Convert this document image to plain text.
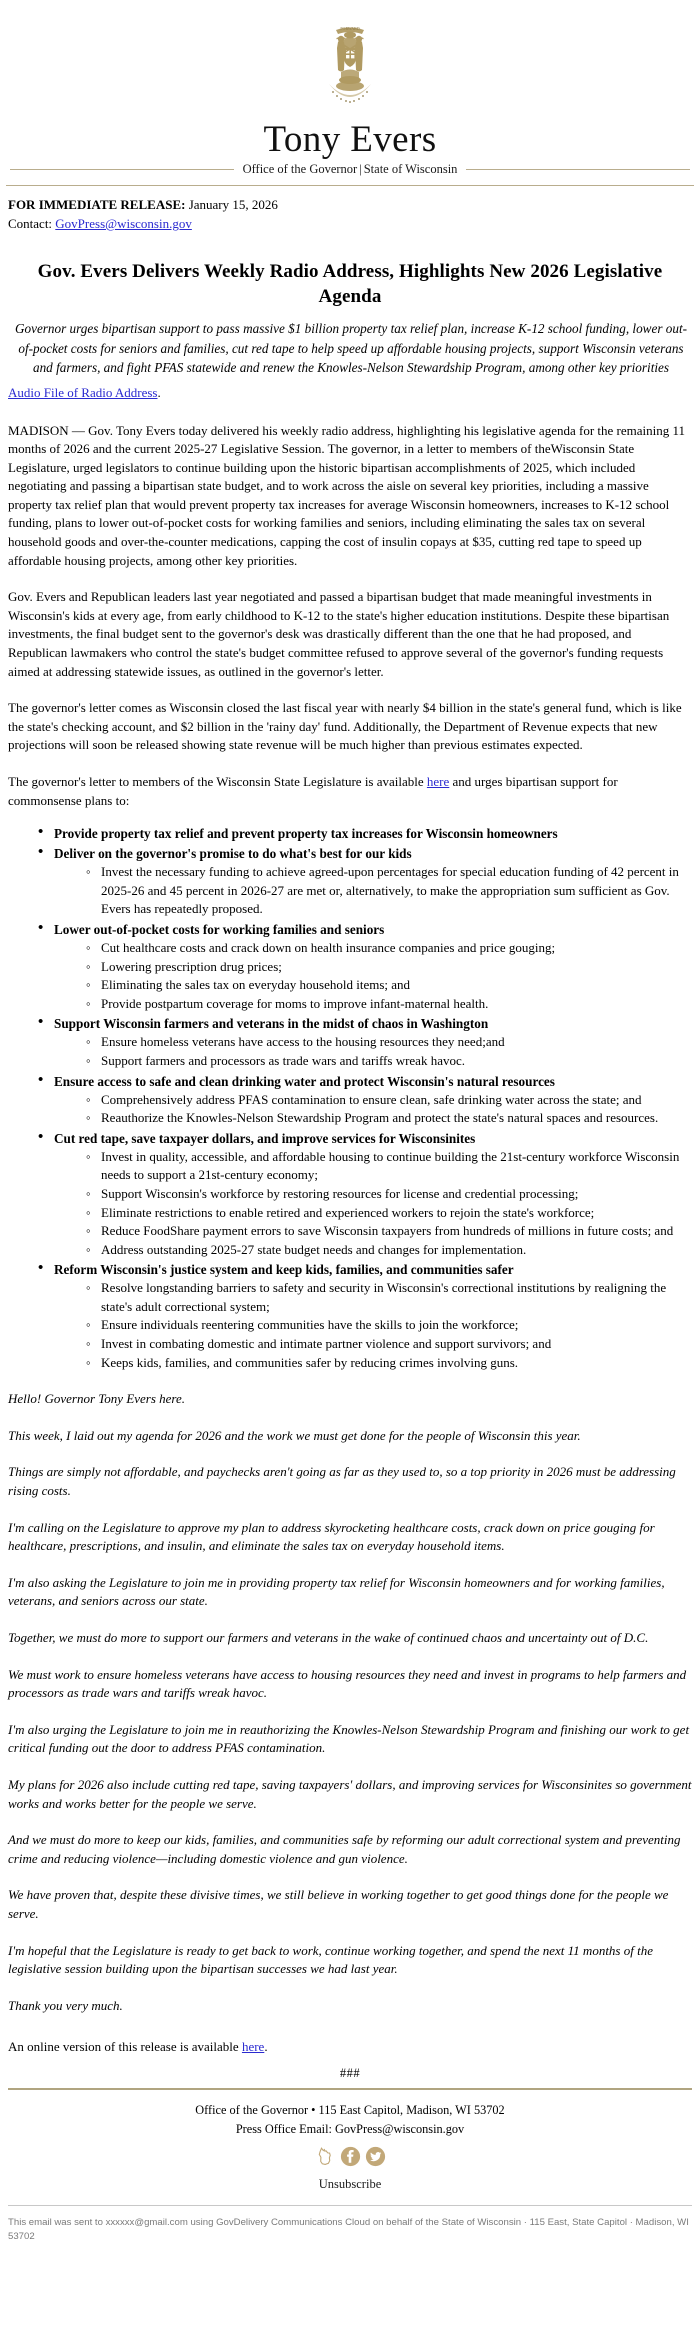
FORWARD
Tony Evers
Office of the Governor | State of Wisconsin
FOR IMMEDIATE RELEASE: January 15, 2026
Contact: GovPress@wisconsin.gov
Gov. Evers Delivers Weekly Radio Address, Highlights New 2026 Legislative Agenda
Governor urges bipartisan support to pass massive $1 billion property tax relief plan, increase K-12 school funding, lower out-of-pocket costs for seniors and families, cut red tape to help speed up affordable housing projects, support Wisconsin veterans and farmers, and fight PFAS statewide and renew the Knowles-Nelson Stewardship Program, among other key priorities
Audio File of Radio Address.

MADISON — Gov. Tony Evers today delivered his weekly radio address, highlighting his legislative agenda for the remaining 11 months of 2026 and the current 2025-27 Legislative Session. The governor, in a letter to members of theWisconsin State Legislature, urged legislators to continue building upon the historic bipartisan accomplishments of 2025, which included negotiating and passing a bipartisan state budget, and to work across the aisle on several key priorities, including a massive property tax relief plan that would prevent property tax increases for average Wisconsin homeowners, increases to K-12 school funding, plans to lower out-of-pocket costs for working families and seniors, including eliminating the sales tax on several household goods and over-the-counter medications, capping the cost of insulin copays at $35, cutting red tape to speed up affordable housing projects, among other key priorities.

Gov. Evers and Republican leaders last year negotiated and passed a bipartisan budget that made meaningful investments in Wisconsin's kids at every age, from early childhood to K-12 to the state's higher education institutions. Despite these bipartisan investments, the final budget sent to the governor's desk was drastically different than the one that he had proposed, and Republican lawmakers who control the state's budget committee refused to approve several of the governor's funding requests aimed at addressing statewide issues, as outlined in the governor's letter.

The governor's letter comes as Wisconsin closed the last fiscal year with nearly $4 billion in the state's general fund, which is like the state's checking account, and $2 billion in the 'rainy day' fund. Additionally, the Department of Revenue expects that new projections will soon be released showing state revenue will be much higher than previous estimates expected.

The governor's letter to members of the Wisconsin State Legislature is available here and urges bipartisan support for commonsense plans to:

• Provide property tax relief and prevent property tax increases for Wisconsin homeowners
• Deliver on the governor's promise to do what's best for our kids
◦ Invest the necessary funding to achieve agreed-upon percentages for special education funding of 42 percent in 2025-26 and 45 percent in 2026-27 are met or, alternatively, to make the appropriation sum sufficient as Gov. Evers has repeatedly proposed.
• Lower out-of-pocket costs for working families and seniors
◦ Cut healthcare costs and crack down on health insurance companies and price gouging;
◦ Lowering prescription drug prices;
◦ Eliminating the sales tax on everyday household items; and
◦ Provide postpartum coverage for moms to improve infant-maternal health.
• Support Wisconsin farmers and veterans in the midst of chaos in Washington
◦ Ensure homeless veterans have access to the housing resources they need;and
◦ Support farmers and processors as trade wars and tariffs wreak havoc.
• Ensure access to safe and clean drinking water and protect Wisconsin's natural resources
◦ Comprehensively address PFAS contamination to ensure clean, safe drinking water across the state; and
◦ Reauthorize the Knowles-Nelson Stewardship Program and protect the state's natural spaces and resources.
• Cut red tape, save taxpayer dollars, and improve services for Wisconsinites
◦ Invest in quality, accessible, and affordable housing to continue building the 21st-century workforce Wisconsin needs to support a 21st-century economy;
◦ Support Wisconsin's workforce by restoring resources for license and credential processing;
◦ Eliminate restrictions to enable retired and experienced workers to rejoin the state's workforce;
◦ Reduce FoodShare payment errors to save Wisconsin taxpayers from hundreds of millions in future costs; and
◦ Address outstanding 2025-27 state budget needs and changes for implementation.
• Reform Wisconsin's justice system and keep kids, families, and communities safer
◦ Resolve longstanding barriers to safety and security in Wisconsin's correctional institutions by realigning the state's adult correctional system;
◦ Ensure individuals reentering communities have the skills to join the workforce;
◦ Invest in combating domestic and intimate partner violence and support survivors; and
◦ Keeps kids, families, and communities safer by reducing crimes involving guns.

Hello! Governor Tony Evers here.

This week, I laid out my agenda for 2026 and the work we must get done for the people of Wisconsin this year.

Things are simply not affordable, and paychecks aren't going as far as they used to, so a top priority in 2026 must be addressing rising costs.

I'm calling on the Legislature to approve my plan to address skyrocketing healthcare costs, crack down on price gouging for healthcare, prescriptions, and insulin, and eliminate the sales tax on everyday household items.

I'm also asking the Legislature to join me in providing property tax relief for Wisconsin homeowners and for working families, veterans, and seniors across our state.

Together, we must do more to support our farmers and veterans in the wake of continued chaos and uncertainty out of D.C.

We must work to ensure homeless veterans have access to housing resources they need and invest in programs to help farmers and processors as trade wars and tariffs wreak havoc.

I'm also urging the Legislature to join me in reauthorizing the Knowles-Nelson Stewardship Program and finishing our work to get critical funding out the door to address PFAS contamination.

My plans for 2026 also include cutting red tape, saving taxpayers' dollars, and improving services for Wisconsinites so government works and works better for the people we serve.

And we must do more to keep our kids, families, and communities safe by reforming our adult correctional system and preventing crime and reducing violence—including domestic violence and gun violence.

We have proven that, despite these divisive times, we still believe in working together to get good things done for the people we serve.

I'm hopeful that the Legislature is ready to get back to work, continue working together, and spend the next 11 months of the legislative session building upon the bipartisan successes we had last year.

Thank you very much.

An online version of this release is available here.
###
Office of the Governor • 115 East Capitol, Madison, WI 53702
Press Office Email: GovPress@wisconsin.gov
Unsubscribe
This email was sent to xxxxxx@gmail.com using GovDelivery Communications Cloud on behalf of the State of Wisconsin · 115 East, State Capitol · Madison, WI 53702
